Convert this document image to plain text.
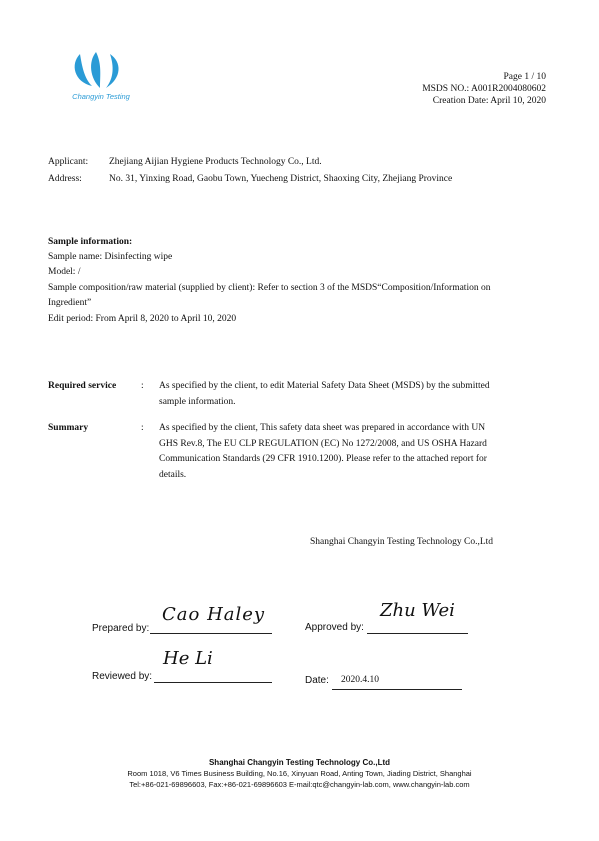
Changyin Testing
Page 1 / 10
MSDS NO.: A001R2004080602
Creation Date: April 10, 2020
Applicant: Zhejiang Aijian Hygiene Products Technology Co., Ltd.
Address:	No. 31, Yinxing Road, Gaobu Town, Yuecheng District, Shaoxing City, Zhejiang Province
Sample information:
Sample name: Disinfecting wipe
Model: /
Sample composition/raw material (supplied by client): Refer to section 3 of the MSDS“Composition/Information on
Ingredient”
Edit period: From April 8, 2020 to April 10, 2020
Required service	: As specified by the client, to edit Material Safety Data Sheet (MSDS) by the submitted
sample information.
Summary	: As specified by the client, This safety data sheet was prepared in accordance with UN
GHS Rev.8, The EU CLP REGULATION (EC) No 1272/2008, and US OSHA Hazard
Communication Standards (29 CFR 1910.1200). Please refer to the attached report for
details.
Shanghai Changyin Testing Technology Co.,Ltd
Prepared by:
Cao Haley
Approved by:
Zhu Wei
Reviewed by:
He Li
Date: 2020.4.10
Shanghai Changyin Testing Technology Co.,Ltd
Room 1018, V6 Times Business Building, No.16, Xinyuan Road, Anting Town, Jiading District, Shanghai
Tel:+86-021-69896603, Fax:+86-021-69896603 E-mail:qtc@changyin-lab.com, www.changyin-lab.com
